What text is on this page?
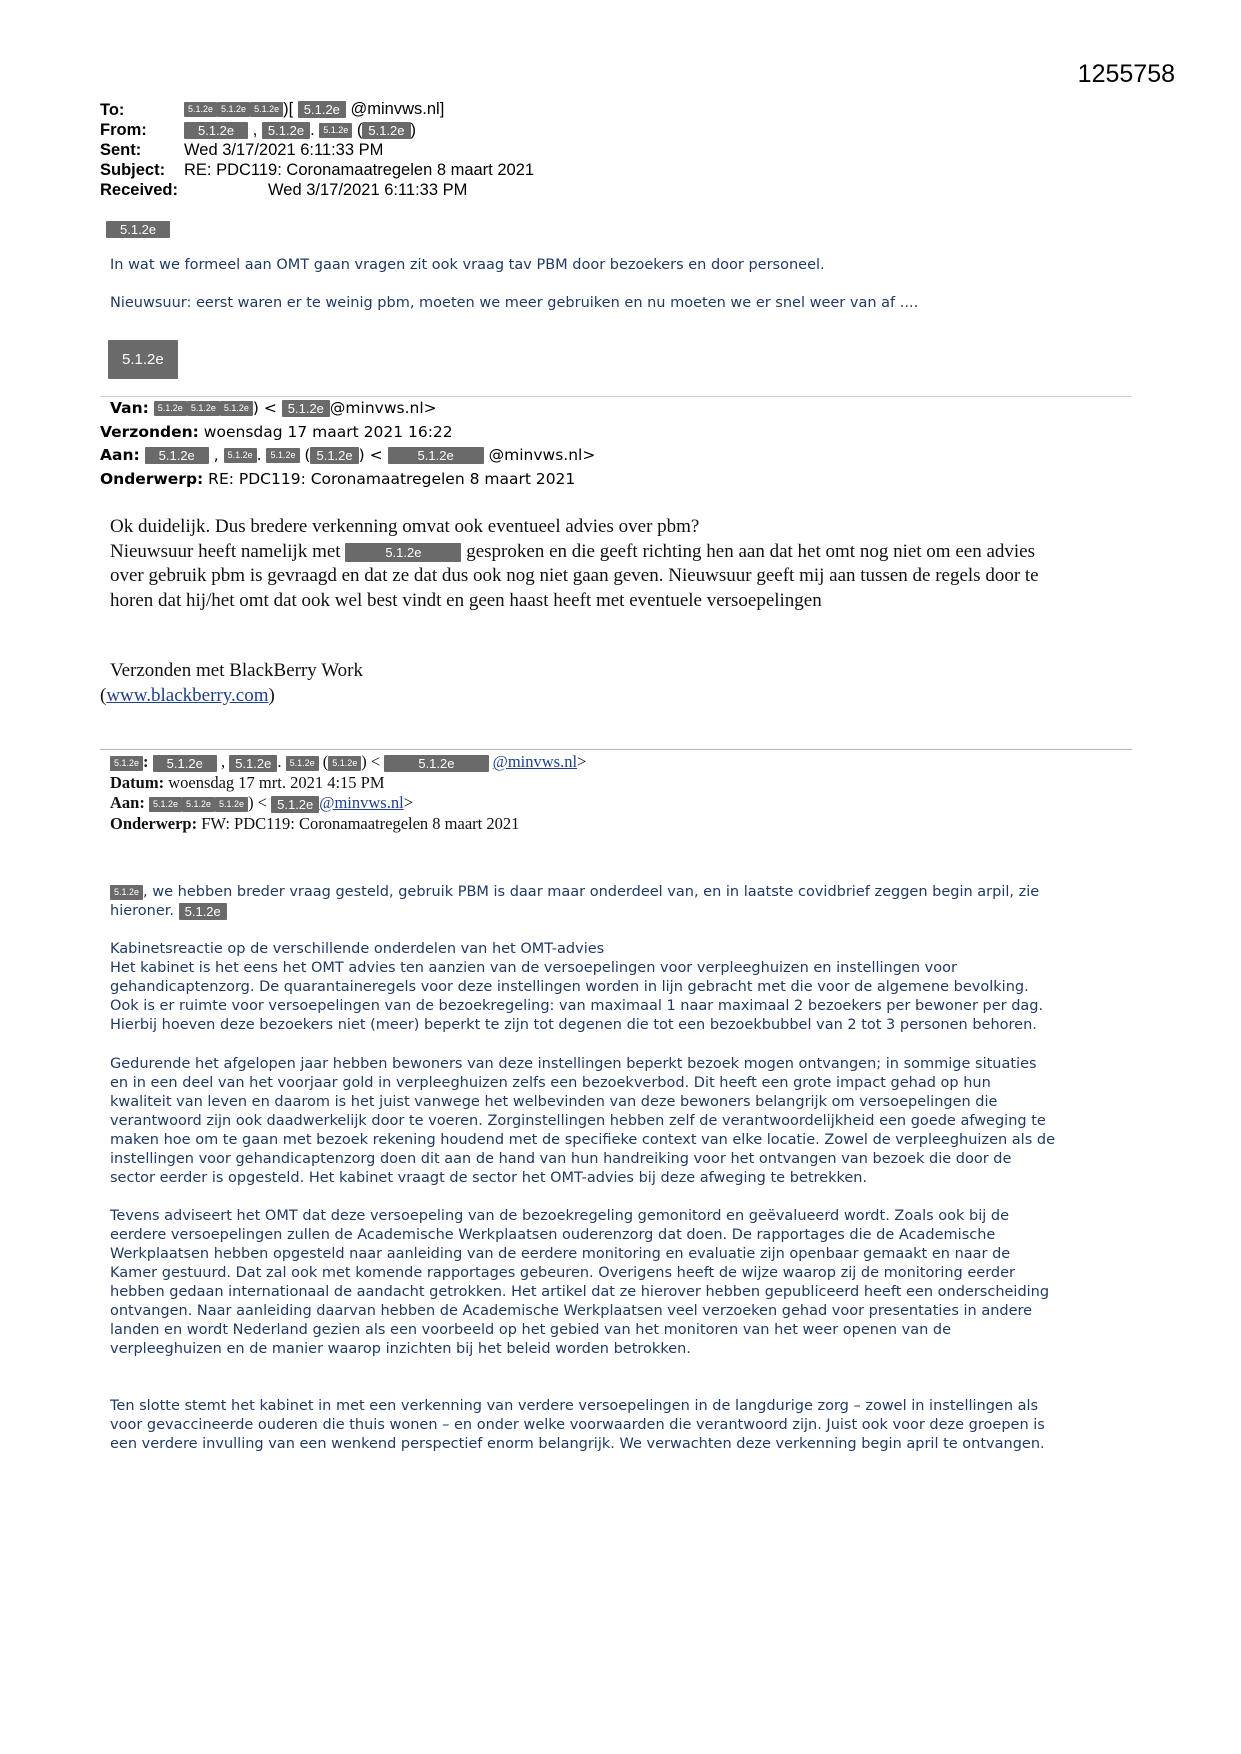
1255758
To:	5.1.2e 5.1.2e 5.1.2e )[ 5.1.2e @minvws.nl]
From:	5.1.2e , 5.1.2e . 5.1.2e ( 5.1.2e )
Sent:	Wed 3/17/2021 6:11:33 PM
Subject: RE: PDC119: Coronamaatregelen 8 maart 2021
Received:	Wed 3/17/2021 6:11:33 PM
5.1.2e
In wat we formeel aan OMT gaan vragen zit ook vraag tav PBM door bezoekers en door personeel.
Nieuwsuur: eerst waren er te weinig pbm, moeten we meer gebruiken en nu moeten we er snel weer van af ....
5.1.2e
Van: 5.1.2e 5.1.2e 5.1.2e ) < 5.1.2e @minvws.nl>
Verzonden: woensdag 17 maart 2021 16:22
Aan: 5.1.2e , 5.1.2e . 5.1.2e ( 5.1.2e ) < 5.1.2e @minvws.nl>
Onderwerp: RE: PDC119: Coronamaatregelen 8 maart 2021
Ok duidelijk. Dus bredere verkenning omvat ook eventueel advies over pbm?
Nieuwsuur heeft namelijk met	5.1.2e gesproken en die geeft richting hen aan dat het omt nog niet om een advies
over gebruik pbm is gevraagd en dat ze dat dus ook nog niet gaan geven. Nieuwsuur geeft mij aan tussen de regels door te
horen dat hij/het omt dat ook wel best vindt en geen haast heeft met eventuele versoepelingen
Verzonden met BlackBerry Work
(www.blackberry.com)
5.1.2e : 5.1.2e , 5.1.2e . 5.1.2e ( 5.1.2e ) <	5.1.2e @minvws.nl>
Datum: woensdag 17 mrt. 2021 4:15 PM
Aan: 5.1.2e 5.1.2e 5.1.2e ) < 5.1.2e @minvws.nl>
Onderwerp: FW: PDC119: Coronamaatregelen 8 maart 2021
5.1.2e , we hebben breder vraag gesteld, gebruik PBM is daar maar onderdeel van, en in laatste covidbrief zeggen begin arpil, zie
hieroner. 5.1.2e
Kabinetsreactie op de verschillende onderdelen van het OMT-advies
Het kabinet is het eens het OMT advies ten aanzien van de versoepelingen voor verpleeghuizen en instellingen voor
gehandicaptenzorg. De quarantaineregels voor deze instellingen worden in lijn gebracht met die voor de algemene bevolking.
Ook is er ruimte voor versoepelingen van de bezoekregeling: van maximaal 1 naar maximaal 2 bezoekers per bewoner per dag.
Hierbij hoeven deze bezoekers niet (meer) beperkt te zijn tot degenen die tot een bezoekbubbel van 2 tot 3 personen behoren.
Gedurende het afgelopen jaar hebben bewoners van deze instellingen beperkt bezoek mogen ontvangen; in sommige situaties
en in een deel van het voorjaar gold in verpleeghuizen zelfs een bezoekverbod. Dit heeft een grote impact gehad op hun
kwaliteit van leven en daarom is het juist vanwege het welbevinden van deze bewoners belangrijk om versoepelingen die
verantwoord zijn ook daadwerkelijk door te voeren. Zorginstellingen hebben zelf de verantwoordelijkheid een goede afweging te
maken hoe om te gaan met bezoek rekening houdend met de specifieke context van elke locatie. Zowel de verpleeghuizen als de
instellingen voor gehandicaptenzorg doen dit aan de hand van hun handreiking voor het ontvangen van bezoek die door de
sector eerder is opgesteld. Het kabinet vraagt de sector het OMT-advies bij deze afweging te betrekken.
Tevens adviseert het OMT dat deze versoepeling van de bezoekregeling gemonitord en geëvalueerd wordt. Zoals ook bij de
eerdere versoepelingen zullen de Academische Werkplaatsen ouderenzorg dat doen. De rapportages die de Academische
Werkplaatsen hebben opgesteld naar aanleiding van de eerdere monitoring en evaluatie zijn openbaar gemaakt en naar de
Kamer gestuurd. Dat zal ook met komende rapportages gebeuren. Overigens heeft de wijze waarop zij de monitoring eerder
hebben gedaan internationaal de aandacht getrokken. Het artikel dat ze hierover hebben gepubliceerd heeft een onderscheiding
ontvangen. Naar aanleiding daarvan hebben de Academische Werkplaatsen veel verzoeken gehad voor presentaties in andere
landen en wordt Nederland gezien als een voorbeeld op het gebied van het monitoren van het weer openen van de
verpleeghuizen en de manier waarop inzichten bij het beleid worden betrokken.
Ten slotte stemt het kabinet in met een verkenning van verdere versoepelingen in de langdurige zorg – zowel in instellingen als
voor gevaccineerde ouderen die thuis wonen – en onder welke voorwaarden die verantwoord zijn. Juist ook voor deze groepen is
een verdere invulling van een wenkend perspectief enorm belangrijk. We verwachten deze verkenning begin april te ontvangen.
